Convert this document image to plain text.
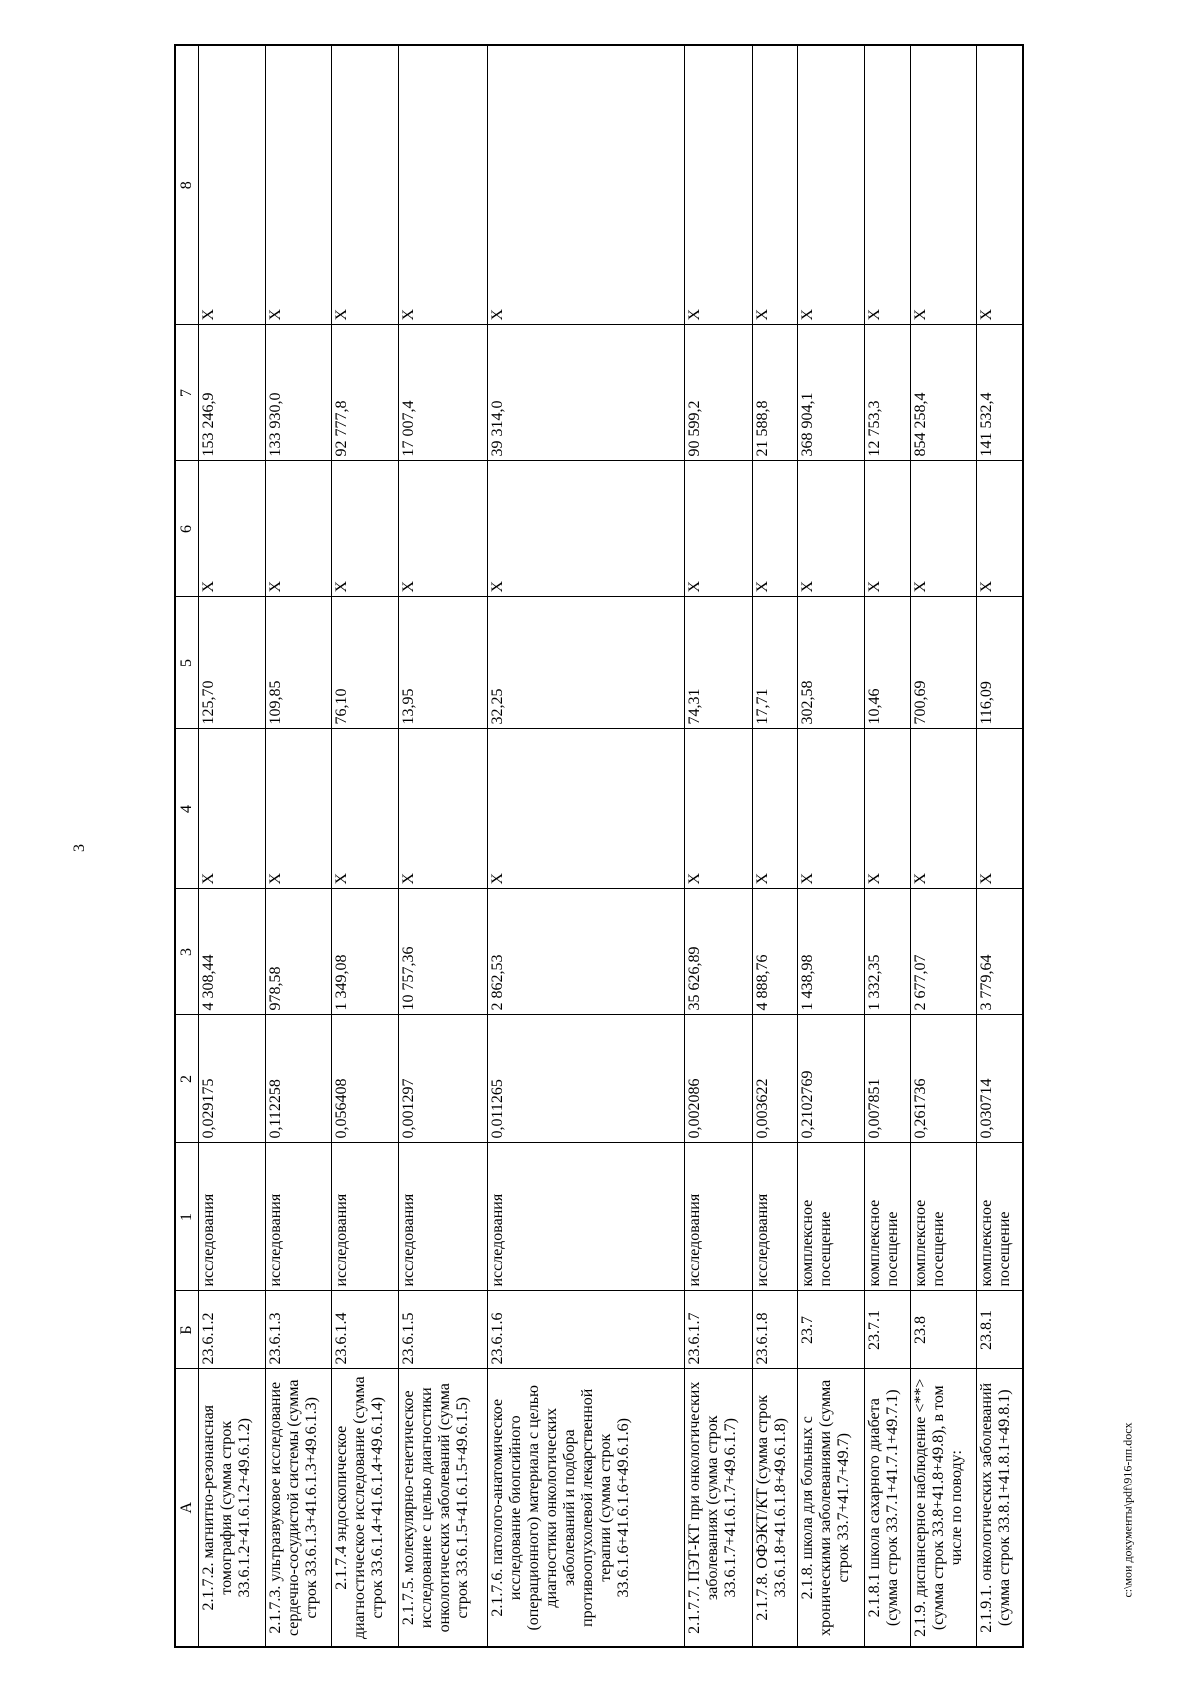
3
c:\мои документы\pdf\916-пп.docx
А	Б	1	2	3	4	5	6	7	8
2.1.7.2. магнитно-резонансная томография (сумма строк 33.6.1.2+41.6.1.2+49.6.1.2)	23.6.1.2	исследования	0,029175	4 308,44	Х	125,70	Х	153 246,9	Х
2.1.7.3. ультразвуковое исследование сердечно-сосудистой системы (сумма строк 33.6.1.3+41.6.1.3+49.6.1.3)	23.6.1.3	исследования	0,112258	978,58	Х	109,85	Х	133 930,0	Х
2.1.7.4 эндоскопическое диагностическое исследование (сумма строк 33.6.1.4+41.6.1.4+49.6.1.4)	23.6.1.4	исследования	0,056408	1 349,08	Х	76,10	Х	92 777,8	Х
2.1.7.5. молекулярно-генетическое исследование с целью диагностики онкологических заболеваний (сумма строк 33.6.1.5+41.6.1.5+49.6.1.5)	23.6.1.5	исследования	0,001297	10 757,36	Х	13,95	Х	17 007,4	Х
2.1.7.6. патолого-анатомическое исследование биопсийного (операционного) материала с целью диагностики онкологических заболеваний и подбора противоопухолевой лекарственной терапии (сумма строк 33.6.1.6+41.6.1.6+49.6.1.6)	23.6.1.6	исследования	0,011265	2 862,53	Х	32,25	Х	39 314,0	Х
2.1.7.7. ПЭТ-КТ при онкологических заболеваниях (сумма строк 33.6.1.7+41.6.1.7+49.6.1.7)	23.6.1.7	исследования	0,002086	35 626,89	Х	74,31	Х	90 599,2	Х
2.1.7.8. ОФЭКТ/КТ (сумма строк 33.6.1.8+41.6.1.8+49.6.1.8)	23.6.1.8	исследования	0,003622	4 888,76	Х	17,71	Х	21 588,8	Х
2.1.8. школа для больных с хроническими заболеваниями (сумма строк 33.7+41.7+49.7)	23.7	комплексное посещение	0,2102769	1 438,98	Х	302,58	Х	368 904,1	Х
2.1.8.1 школа сахарного диабета (сумма строк 33.7.1+41.7.1+49.7.1)	23.7.1	комплексное посещение	0,007851	1 332,35	Х	10,46	Х	12 753,3	Х
2.1.9. диспансерное наблюдение <**> (сумма строк 33.8+41.8+49.8), в том числе по поводу:	23.8	комплексное посещение	0,261736	2 677,07	Х	700,69	Х	854 258,4	Х
2.1.9.1. онкологических заболеваний (сумма строк 33.8.1+41.8.1+49.8.1)	23.8.1	комплексное посещение	0,030714	3 779,64	Х	116,09	Х	141 532,4	Х
